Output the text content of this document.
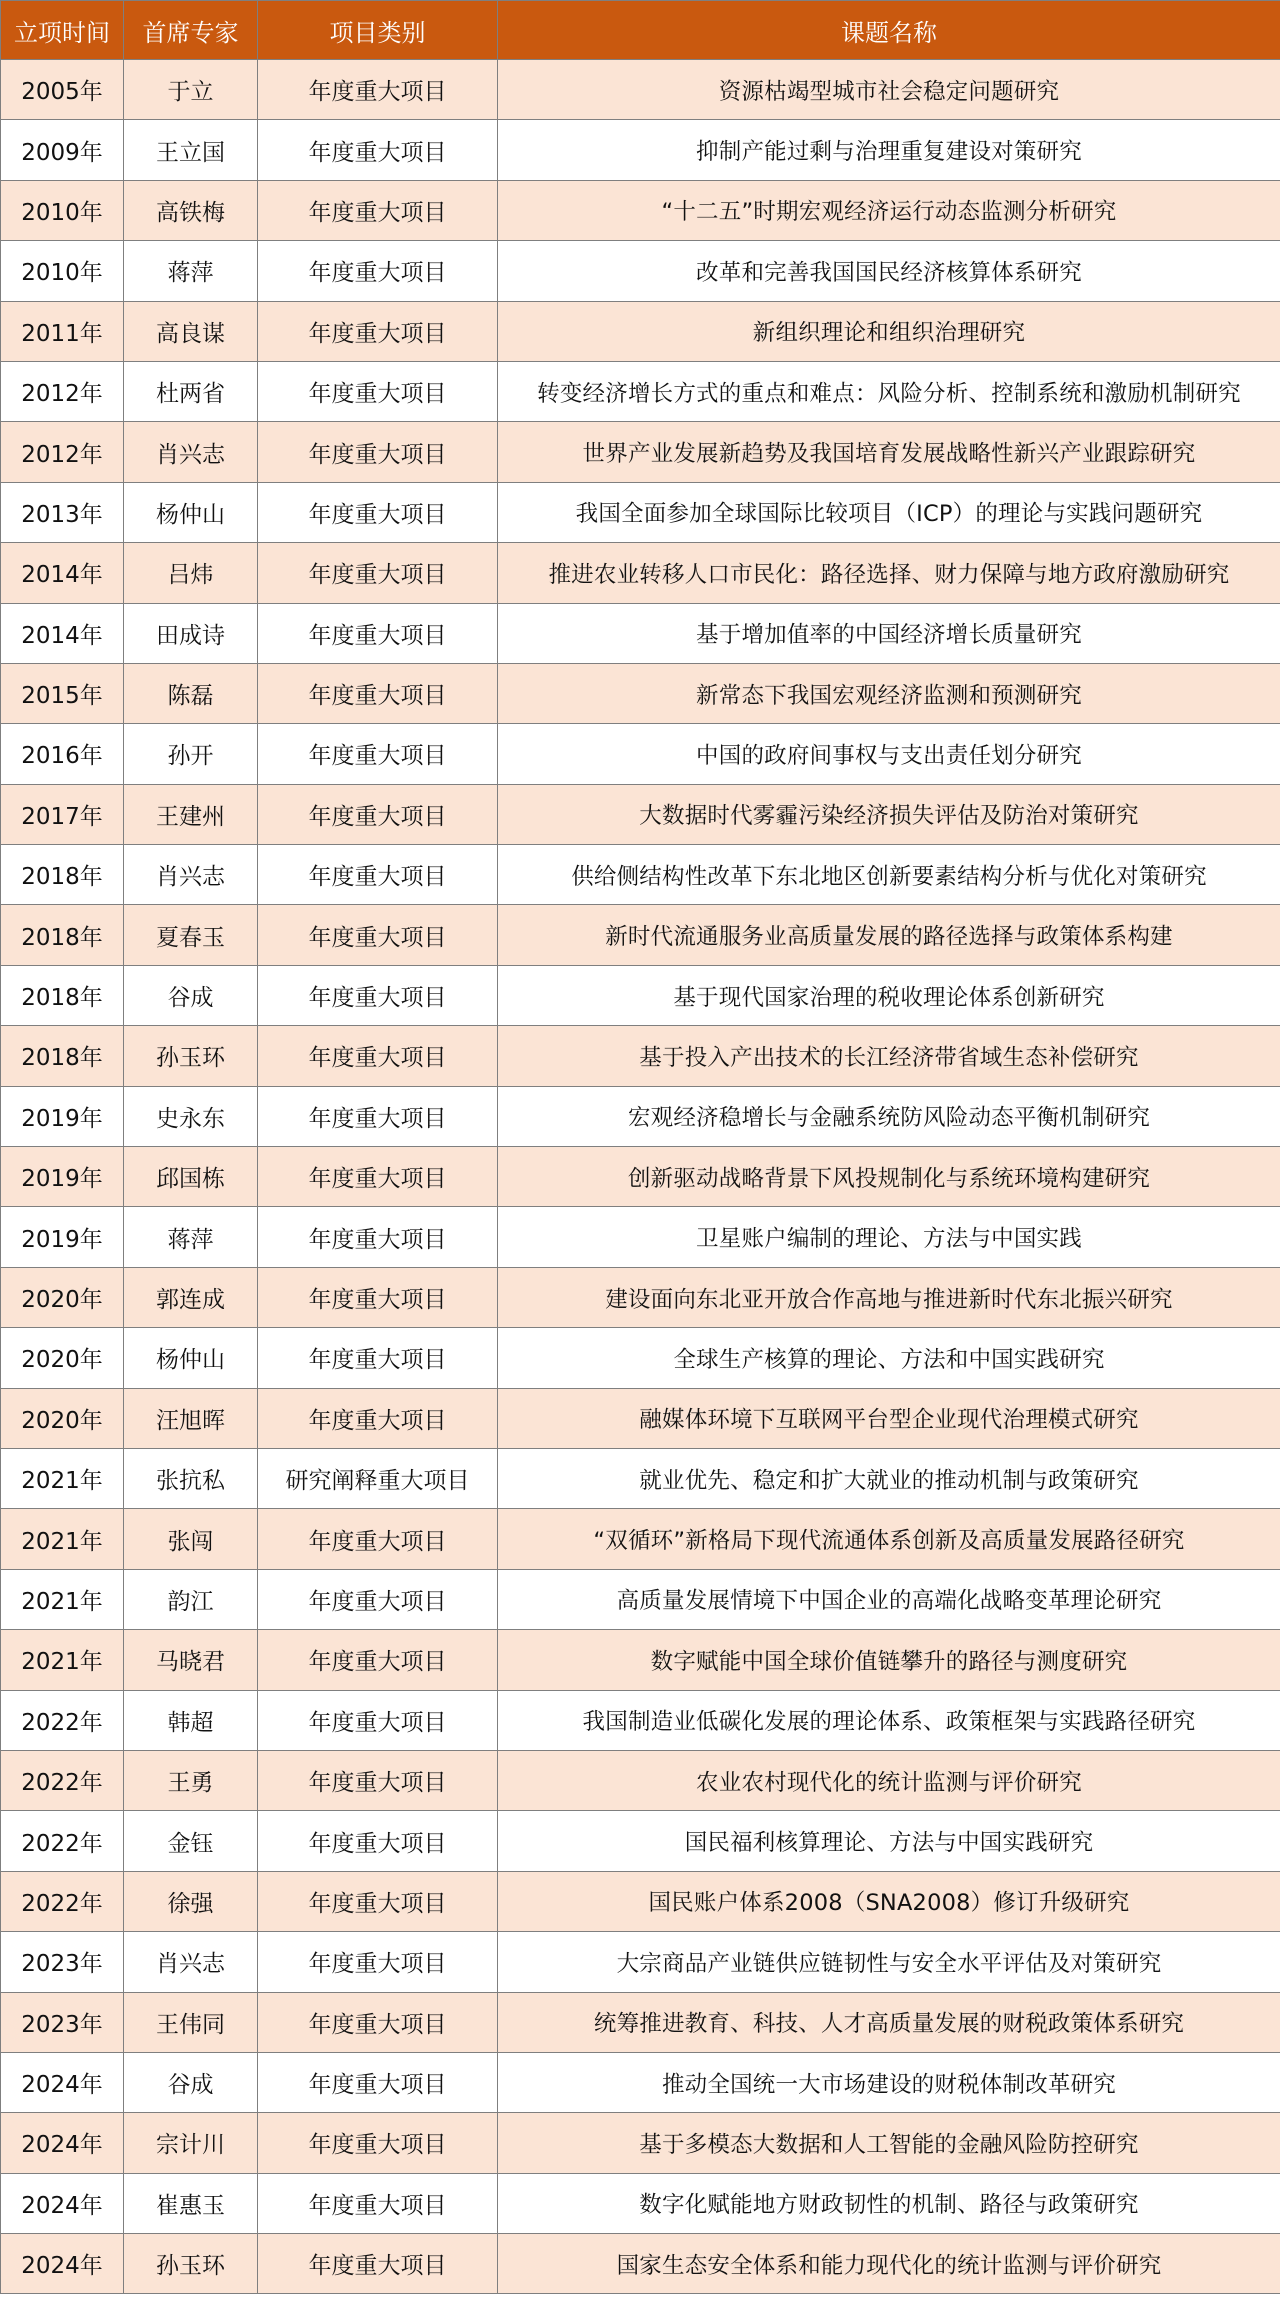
立项时间	首席专家	项目类别	课题名称
2005年	于立	年度重大项目	资源枯竭型城市社会稳定问题研究
2009年	王立国	年度重大项目	抑制产能过剩与治理重复建设对策研究
2010年	高铁梅	年度重大项目	“十二五”时期宏观经济运行动态监测分析研究
2010年	蒋萍	年度重大项目	改革和完善我国国民经济核算体系研究
2011年	高良谋	年度重大项目	新组织理论和组织治理研究
2012年	杜两省	年度重大项目	转变经济增长方式的重点和难点：风险分析、控制系统和激励机制研究
2012年	肖兴志	年度重大项目	世界产业发展新趋势及我国培育发展战略性新兴产业跟踪研究
2013年	杨仲山	年度重大项目	我国全面参加全球国际比较项目（ICP）的理论与实践问题研究
2014年	吕炜	年度重大项目	推进农业转移人口市民化：路径选择、财力保障与地方政府激励研究
2014年	田成诗	年度重大项目	基于增加值率的中国经济增长质量研究
2015年	陈磊	年度重大项目	新常态下我国宏观经济监测和预测研究
2016年	孙开	年度重大项目	中国的政府间事权与支出责任划分研究
2017年	王建州	年度重大项目	大数据时代雾霾污染经济损失评估及防治对策研究
2018年	肖兴志	年度重大项目	供给侧结构性改革下东北地区创新要素结构分析与优化对策研究
2018年	夏春玉	年度重大项目	新时代流通服务业高质量发展的路径选择与政策体系构建
2018年	谷成	年度重大项目	基于现代国家治理的税收理论体系创新研究
2018年	孙玉环	年度重大项目	基于投入产出技术的长江经济带省域生态补偿研究
2019年	史永东	年度重大项目	宏观经济稳增长与金融系统防风险动态平衡机制研究
2019年	邱国栋	年度重大项目	创新驱动战略背景下风投规制化与系统环境构建研究
2019年	蒋萍	年度重大项目	卫星账户编制的理论、方法与中国实践
2020年	郭连成	年度重大项目	建设面向东北亚开放合作高地与推进新时代东北振兴研究
2020年	杨仲山	年度重大项目	全球生产核算的理论、方法和中国实践研究
2020年	汪旭晖	年度重大项目	融媒体环境下互联网平台型企业现代治理模式研究
2021年	张抗私	研究阐释重大项目	就业优先、稳定和扩大就业的推动机制与政策研究
2021年	张闯	年度重大项目	“双循环”新格局下现代流通体系创新及高质量发展路径研究
2021年	韵江	年度重大项目	高质量发展情境下中国企业的高端化战略变革理论研究
2021年	马晓君	年度重大项目	数字赋能中国全球价值链攀升的路径与测度研究
2022年	韩超	年度重大项目	我国制造业低碳化发展的理论体系、政策框架与实践路径研究
2022年	王勇	年度重大项目	农业农村现代化的统计监测与评价研究
2022年	金钰	年度重大项目	国民福利核算理论、方法与中国实践研究
2022年	徐强	年度重大项目	国民账户体系2008（SNA2008）修订升级研究
2023年	肖兴志	年度重大项目	大宗商品产业链供应链韧性与安全水平评估及对策研究
2023年	王伟同	年度重大项目	统筹推进教育、科技、人才高质量发展的财税政策体系研究
2024年	谷成	年度重大项目	推动全国统一大市场建设的财税体制改革研究
2024年	宗计川	年度重大项目	基于多模态大数据和人工智能的金融风险防控研究
2024年	崔惠玉	年度重大项目	数字化赋能地方财政韧性的机制、路径与政策研究
2024年	孙玉环	年度重大项目	国家生态安全体系和能力现代化的统计监测与评价研究
